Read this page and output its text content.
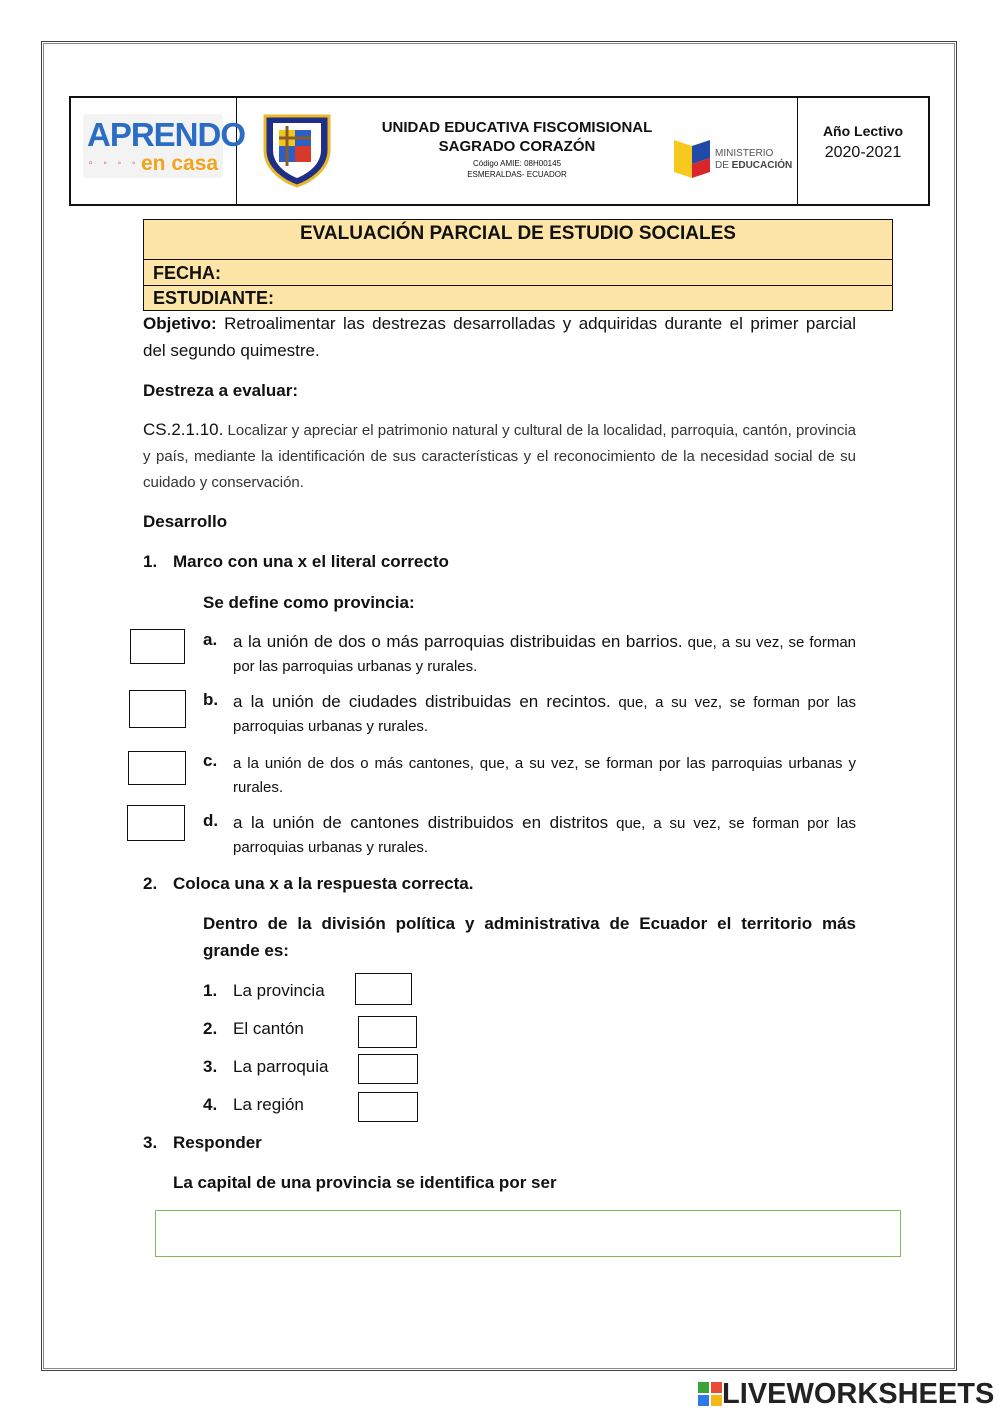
APRENDO
▫ ◦ ◦ ◦ en casa
UNIDAD EDUCATIVA FISCOMISIONAL
SAGRADO CORAZÓN
Código AMIE: 08H00145
ESMERALDAS- ECUADOR
MINISTERIO
DE EDUCACIÓN
Año Lectivo
2020-2021
EVALUACIÓN PARCIAL DE ESTUDIO SOCIALES
FECHA:
ESTUDIANTE:
Objetivo: Retroalimentar las destrezas desarrolladas y adquiridas durante el primer parcial del segundo quimestre.
Destreza a evaluar:
CS.2.1.10. Localizar y apreciar el patrimonio natural y cultural de la localidad, parroquia, cantón, provincia y país, mediante la identificación de sus características y el reconocimiento de la necesidad social de su cuidado y conservación.
Desarrollo
1. Marco con una x el literal correcto
Se define como provincia:
a. a la unión de dos o más parroquias distribuidas en barrios. que, a su vez, se forman por las parroquias urbanas y rurales.
b. a la unión de ciudades distribuidas en recintos. que, a su vez, se forman por las parroquias urbanas y rurales.
c. a la unión de dos o más cantones, que, a su vez, se forman por las parroquias urbanas y rurales.
d. a la unión de cantones distribuidos en distritos que, a su vez, se forman por las parroquias urbanas y rurales.
2. Coloca una x a la respuesta correcta.
Dentro de la división política y administrativa de Ecuador el territorio más grande es:
1. La provincia
2. El cantón
3. La parroquia
4. La región
3. Responder
La capital de una provincia se identifica por ser
LIVEWORKSHEETS
